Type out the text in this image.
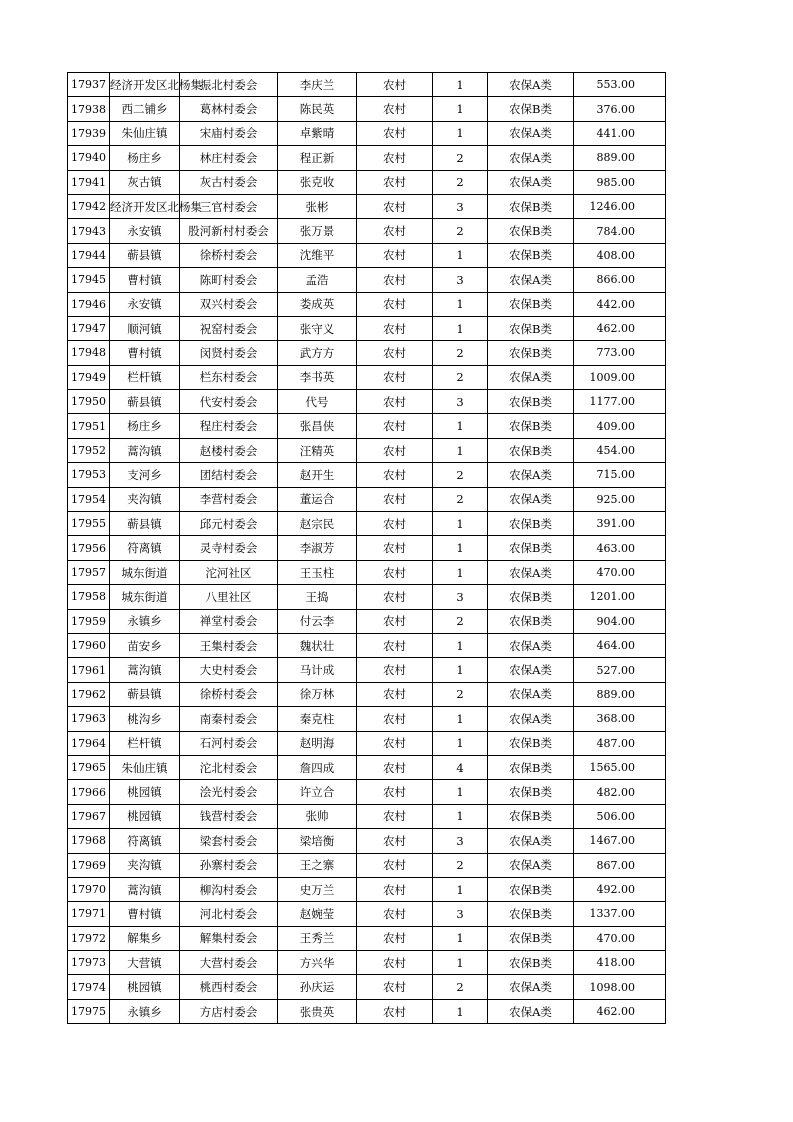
17937	经济开发区北杨集	振北村委会	李庆兰	农村	1	农保A类	553.00
17938	西二铺乡	葛林村委会	陈民英	农村	1	农保B类	376.00
17939	朱仙庄镇	宋庙村委会	卓紫晴	农村	1	农保A类	441.00
17940	杨庄乡	林庄村委会	程正新	农村	2	农保A类	889.00
17941	灰古镇	灰古村委会	张克收	农村	2	农保A类	985.00
17942	经济开发区北杨集	三官村委会	张彬	农村	3	农保B类	1246.00
17943	永安镇	股河新村村委会	张万景	农村	2	农保B类	784.00
17944	蕲县镇	徐桥村委会	沈维平	农村	1	农保B类	408.00
17945	曹村镇	陈町村委会	孟浩	农村	3	农保A类	866.00
17946	永安镇	双兴村委会	娄成英	农村	1	农保B类	442.00
17947	顺河镇	祝窑村委会	张守义	农村	1	农保B类	462.00
17948	曹村镇	闵贤村委会	武方方	农村	2	农保B类	773.00
17949	栏杆镇	栏东村委会	李书英	农村	2	农保A类	1009.00
17950	蕲县镇	代安村委会	代号	农村	3	农保B类	1177.00
17951	杨庄乡	程庄村委会	张昌侠	农村	1	农保B类	409.00
17952	蒿沟镇	赵楼村委会	汪精英	农村	1	农保B类	454.00
17953	支河乡	团结村委会	赵开生	农村	2	农保A类	715.00
17954	夹沟镇	李营村委会	董运合	农村	2	农保A类	925.00
17955	蕲县镇	邱元村委会	赵宗民	农村	1	农保B类	391.00
17956	符离镇	灵寺村委会	李淑芳	农村	1	农保B类	463.00
17957	城东街道	沱河社区	王玉柱	农村	1	农保A类	470.00
17958	城东街道	八里社区	王捣	农村	3	农保B类	1201.00
17959	永镇乡	禅堂村委会	付云李	农村	2	农保B类	904.00
17960	苗安乡	王集村委会	魏状壮	农村	1	农保A类	464.00
17961	蒿沟镇	大史村委会	马计成	农村	1	农保A类	527.00
17962	蕲县镇	徐桥村委会	徐万林	农村	2	农保A类	889.00
17963	桃沟乡	南秦村委会	秦克柱	农村	1	农保A类	368.00
17964	栏杆镇	石河村委会	赵明海	农村	1	农保B类	487.00
17965	朱仙庄镇	沱北村委会	詹四成	农村	4	农保B类	1565.00
17966	桃园镇	浍光村委会	许立合	农村	1	农保B类	482.00
17967	桃园镇	钱营村委会	张帅	农村	1	农保B类	506.00
17968	符离镇	梁套村委会	梁培衡	农村	3	农保A类	1467.00
17969	夹沟镇	孙寨村委会	王之寨	农村	2	农保A类	867.00
17970	蒿沟镇	柳沟村委会	史万兰	农村	1	农保B类	492.00
17971	曹村镇	河北村委会	赵婉莹	农村	3	农保B类	1337.00
17972	解集乡	解集村委会	王秀兰	农村	1	农保B类	470.00
17973	大营镇	大营村委会	方兴华	农村	1	农保B类	418.00
17974	桃园镇	桃西村委会	孙庆运	农村	2	农保A类	1098.00
17975	永镇乡	方店村委会	张贵英	农村	1	农保A类	462.00
